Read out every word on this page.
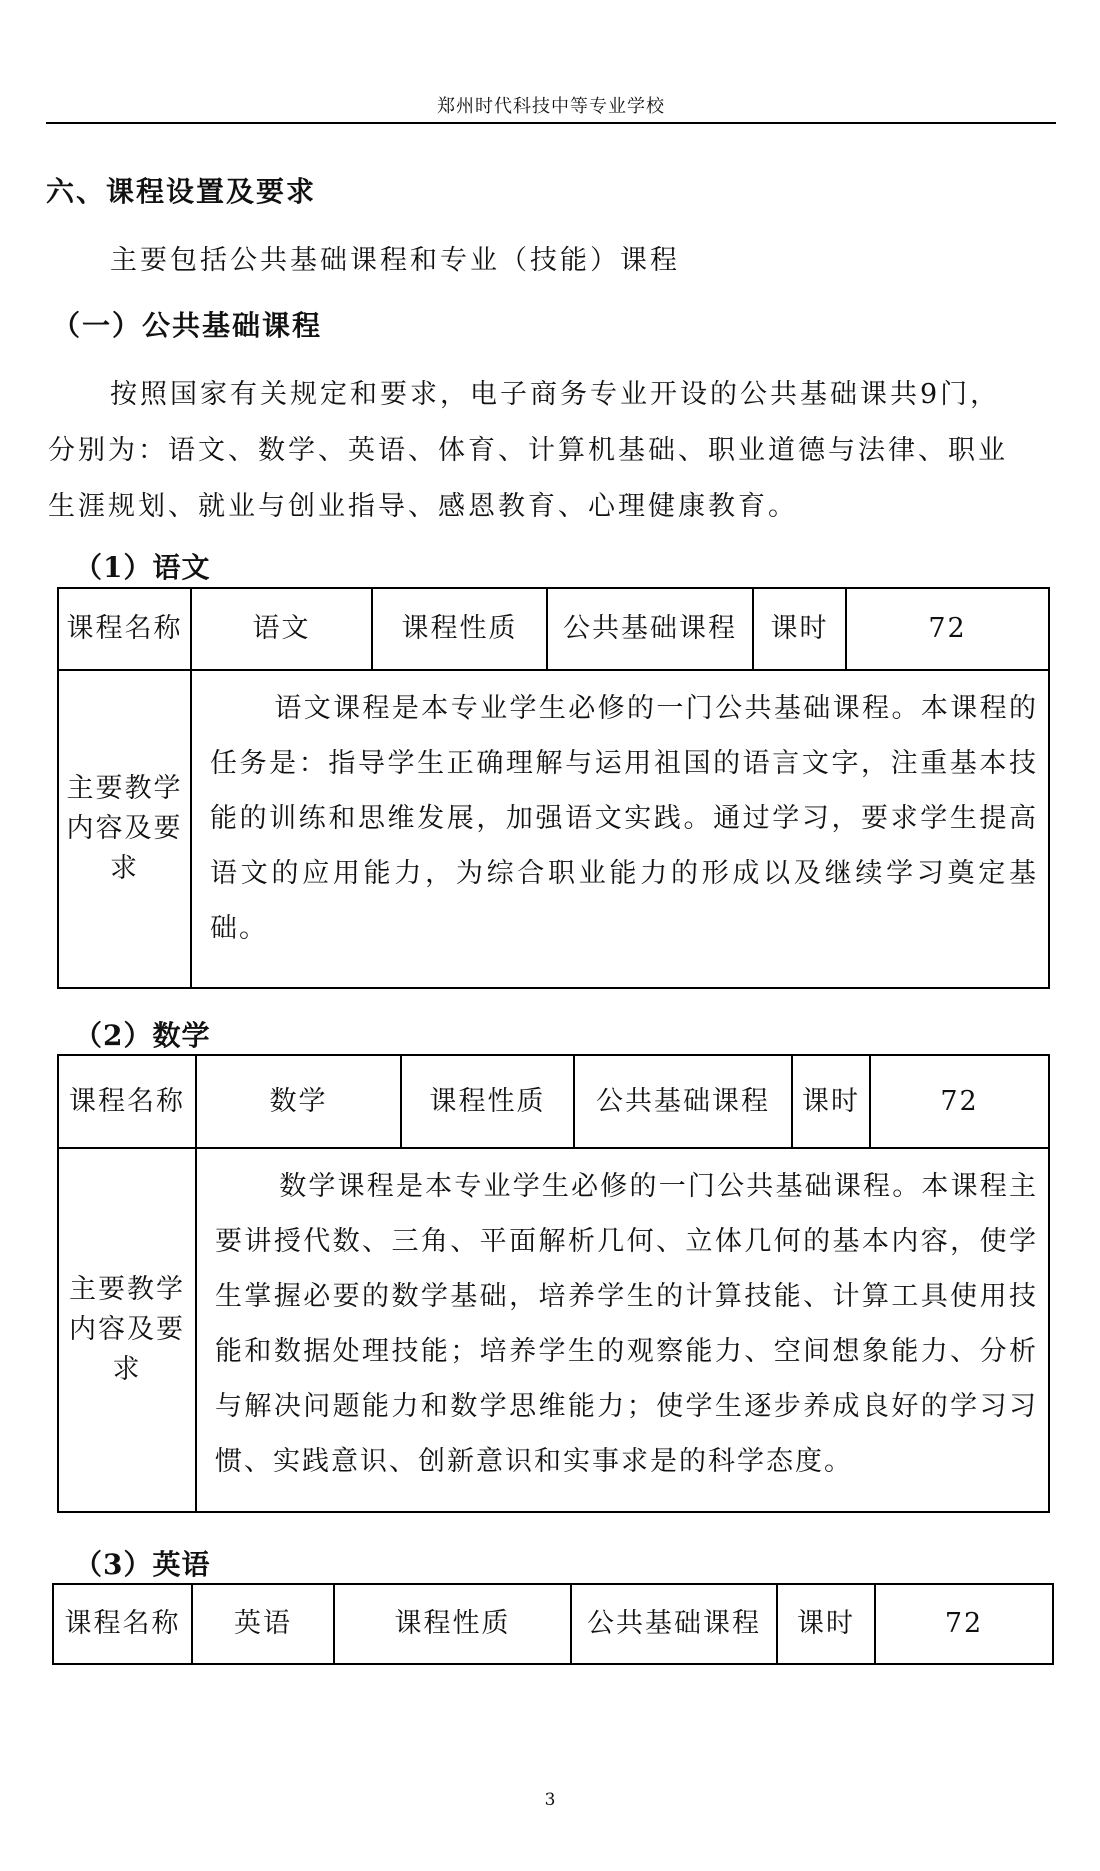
郑州时代科技中等专业学校
六、课程设置及要求
主要包括公共基础课程和专业（技能）课程
（一）公共基础课程
按照国家有关规定和要求，电子商务专业开设的公共基础课共9门，
分别为：语文、数学、英语、体育、计算机基础、职业道德与法律、职业
生涯规划、就业与创业指导、感恩教育、心理健康教育。
（1）语文
课程名称	语文	课程性质	公共基础课程	课时	72
主要教学内容及要求	语文课程是本专业学生必修的一门公共基础课程。本课程的任务是：指导学生正确理解与运用祖国的语言文字，注重基本技能的训练和思维发展，加强语文实践。通过学习，要求学生提高语文的应用能力，为综合职业能力的形成以及继续学习奠定基础。				
（2）数学
课程名称	数学	课程性质	公共基础课程	课时	72
主要教学内容及要求	数学课程是本专业学生必修的一门公共基础课程。本课程主要讲授代数、三角、平面解析几何、立体几何的基本内容，使学生掌握必要的数学基础，培养学生的计算技能、计算工具使用技能和数据处理技能；培养学生的观察能力、空间想象能力、分析与解决问题能力和数学思维能力；使学生逐步养成良好的学习习惯、实践意识、创新意识和实事求是的科学态度。				
（3）英语
课程名称	英语	课程性质	公共基础课程	课时	72
3
